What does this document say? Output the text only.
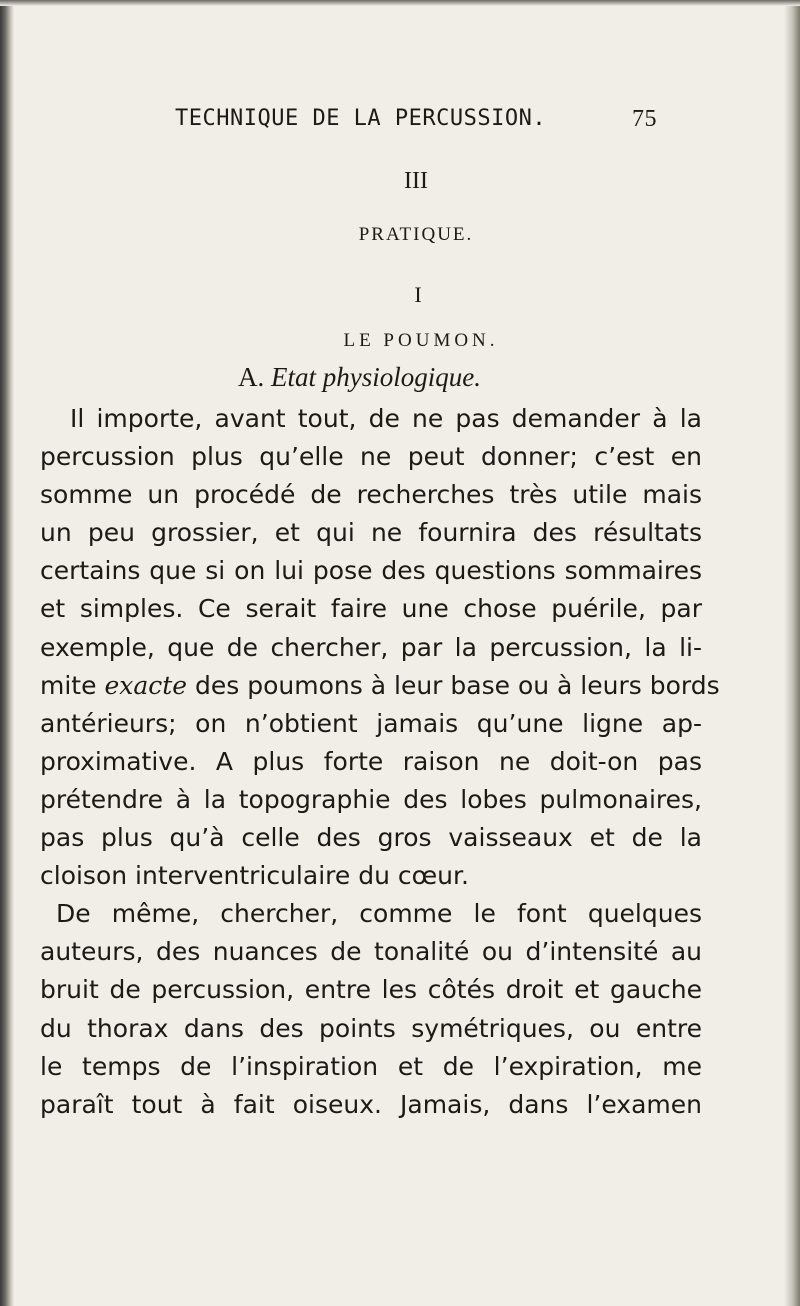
TECHNIQUE DE LA PERCUSSION.	75
III
PRATIQUE.
I
LE POUMON.
A. Etat physiologique.
Il importe, avant tout, de ne pas demander à la
percussion plus qu’elle ne peut donner; c’est en
somme un procédé de recherches très utile mais
un peu grossier, et qui ne fournira des résultats
certains que si on lui pose des questions sommaires
et simples. Ce serait faire une chose puérile, par
exemple, que de chercher, par la percussion, la li-
mite exacte des poumons à leur base ou à leurs bords
antérieurs; on n’obtient jamais qu’une ligne ap-
proximative. A plus forte raison ne doit-on pas
prétendre à la topographie des lobes pulmonaires,
pas plus qu’à celle des gros vaisseaux et de la
cloison interventriculaire du cœur.
De même, chercher, comme le font quelques
auteurs, des nuances de tonalité ou d’intensité au
bruit de percussion, entre les côtés droit et gauche
du thorax dans des points symétriques, ou entre
le temps de l’inspiration et de l’expiration, me
paraît tout à fait oiseux. Jamais, dans l’examen
